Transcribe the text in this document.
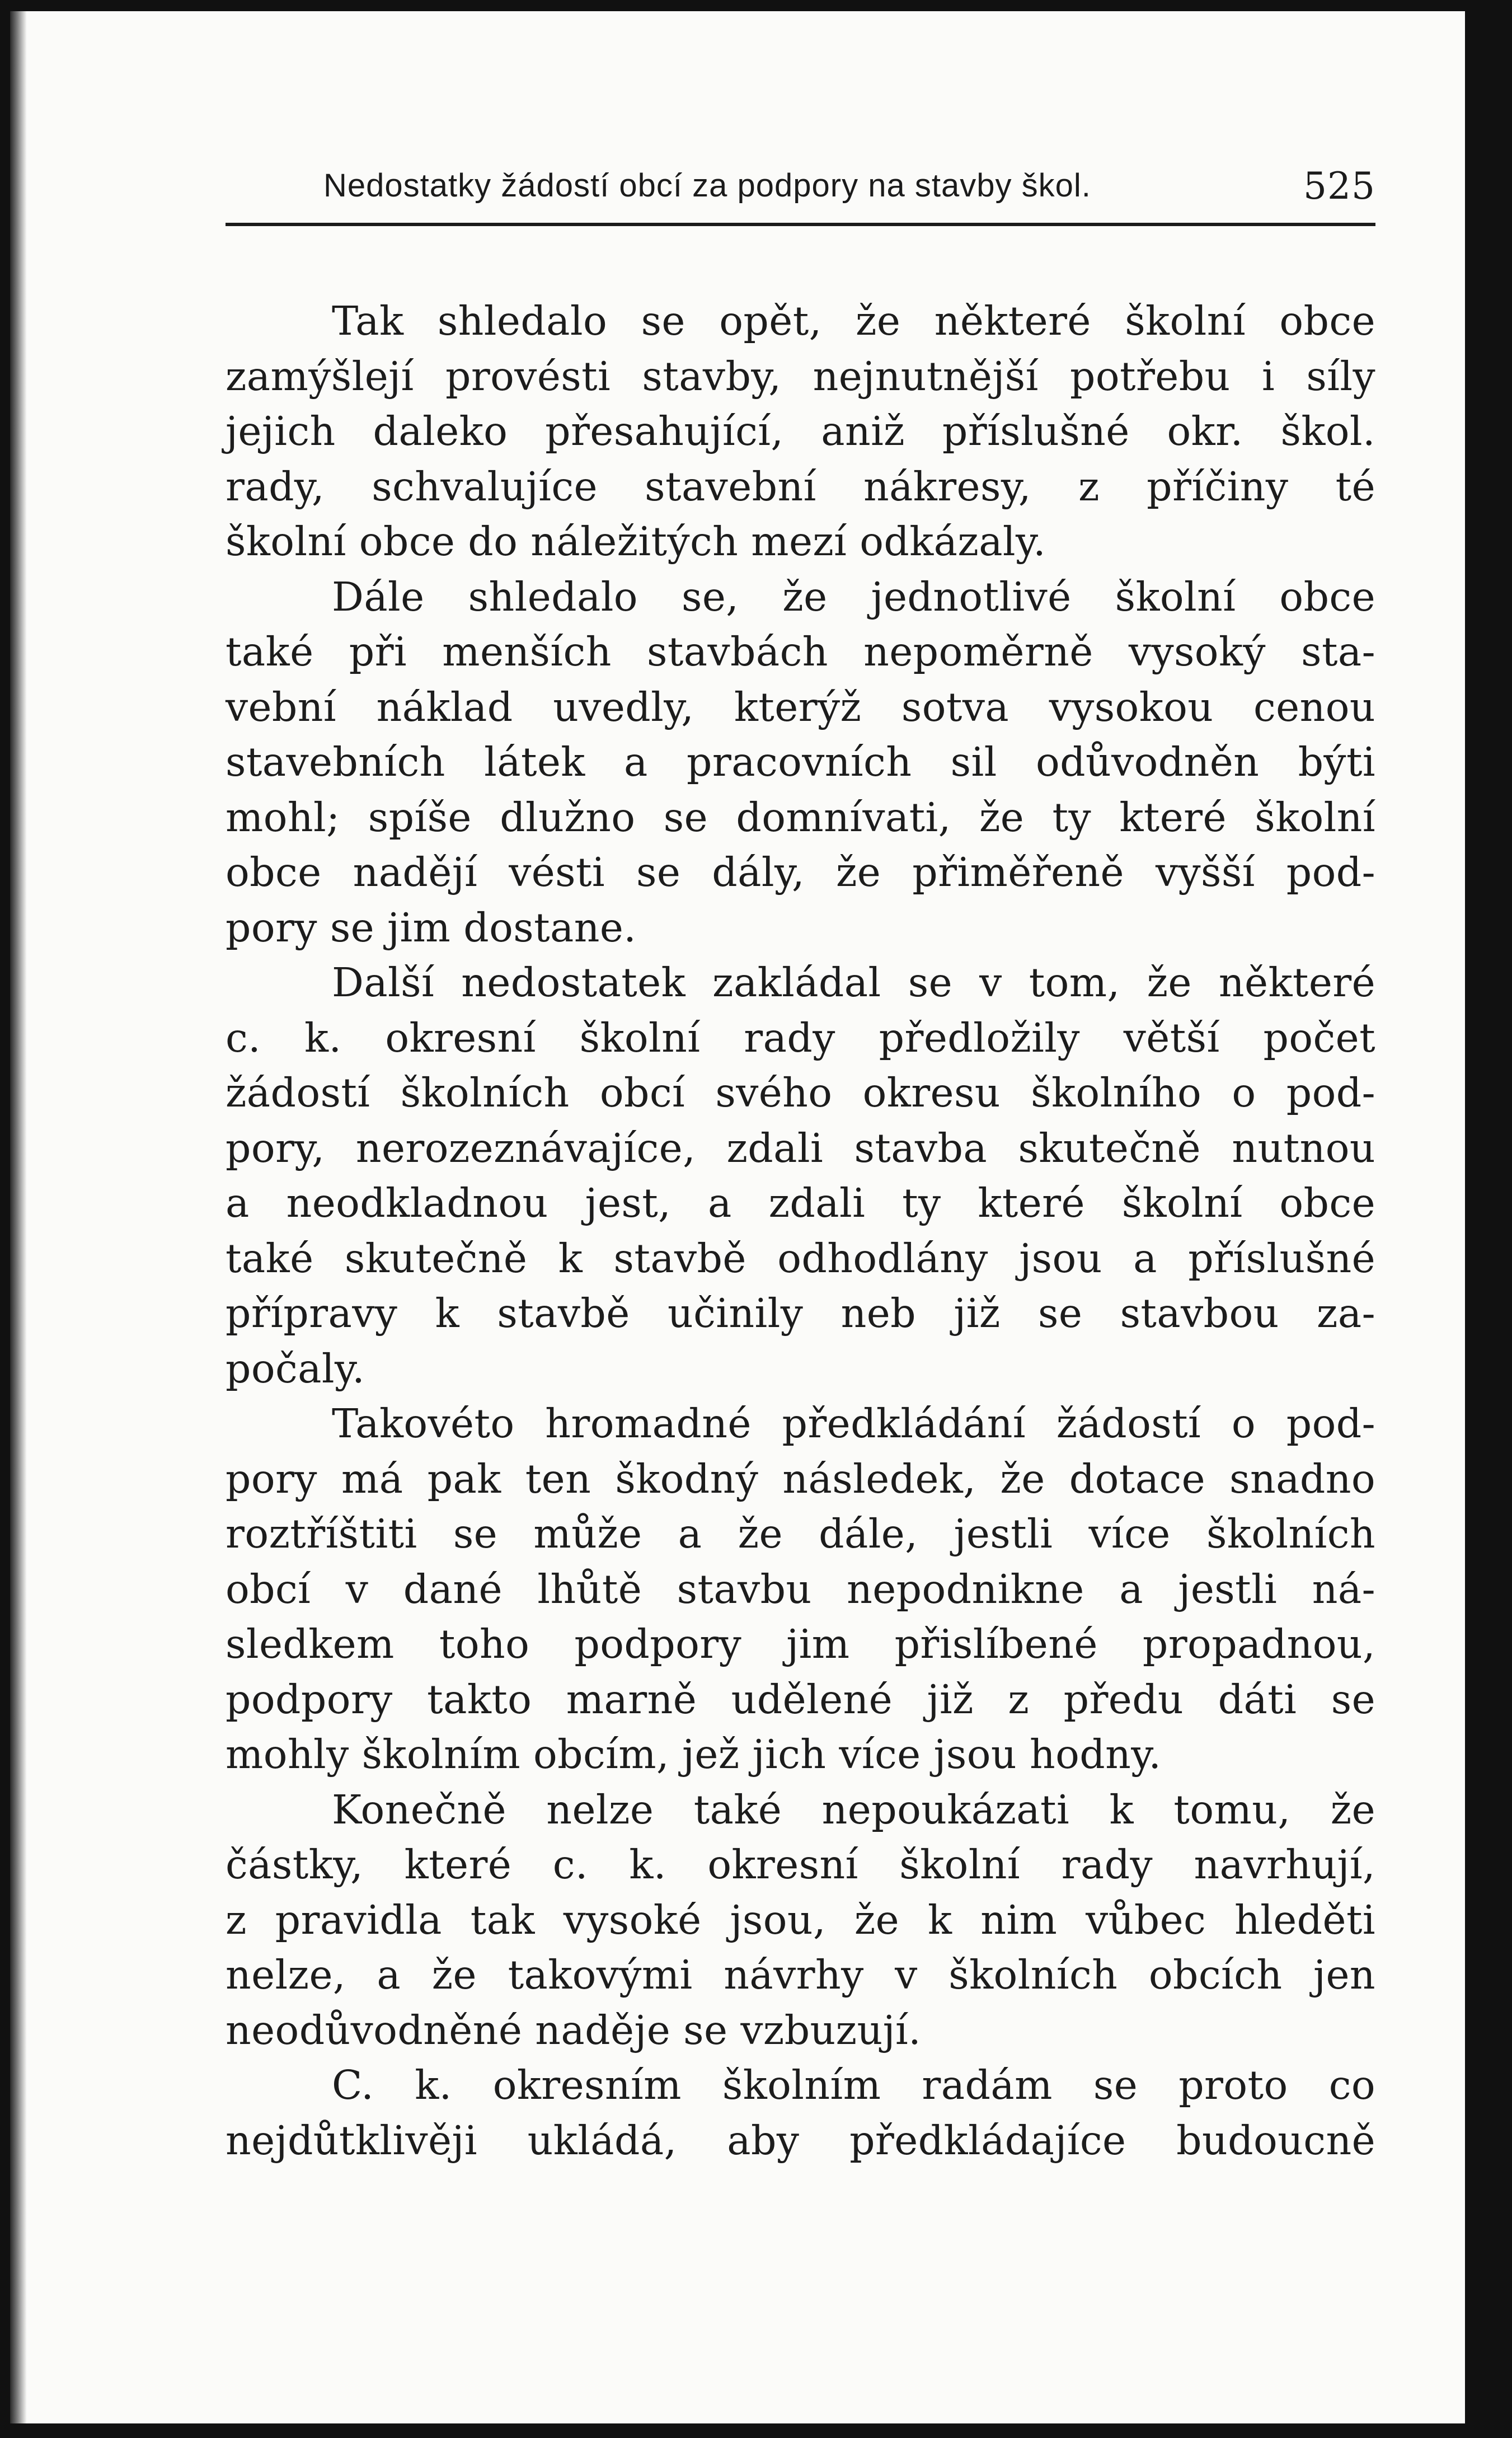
Nedostatky žádostí obcí za podpory na stavby škol.	525
Tak shledalo se opět, že některé školní obce
zamýšlejí provésti stavby, nejnutnější potřebu i síly
jejich daleko přesahující, aniž příslušné okr. škol.
rady, schvalujíce stavební nákresy, z příčiny té
školní obce do náležitých mezí odkázaly.
Dále shledalo se, že jednotlivé školní obce
také při menších stavbách nepoměrně vysoký sta-
vební náklad uvedly, kterýž sotva vysokou cenou
stavebních látek a pracovních sil odůvodněn býti
mohl; spíše dlužno se domnívati, že ty které školní
obce nadějí vésti se dály, že přiměřeně vyšší pod-
pory se jim dostane.
Další nedostatek zakládal se v tom, že některé
c. k. okresní školní rady předložily větší počet
žádostí školních obcí svého okresu školního o pod-
pory, nerozeznávajíce, zdali stavba skutečně nutnou
a neodkladnou jest, a zdali ty které školní obce
také skutečně k stavbě odhodlány jsou a příslušné
přípravy k stavbě učinily neb již se stavbou za-
počaly.
Takovéto hromadné předkládání žádostí o pod-
pory má pak ten škodný následek, že dotace snadno
roztříštiti se může a že dále, jestli více školních
obcí v dané lhůtě stavbu nepodnikne a jestli ná-
sledkem toho podpory jim přislíbené propadnou,
podpory takto marně udělené již z předu dáti se
mohly školním obcím, jež jich více jsou hodny.
Konečně nelze také nepoukázati k tomu, že
částky, které c. k. okresní školní rady navrhují,
z pravidla tak vysoké jsou, že k nim vůbec hleděti
nelze, a že takovými návrhy v školních obcích jen
neodůvodněné naděje se vzbuzují.
C. k. okresním školním radám se proto co
nejdůtklivěji ukládá, aby předkládajíce budoucně
